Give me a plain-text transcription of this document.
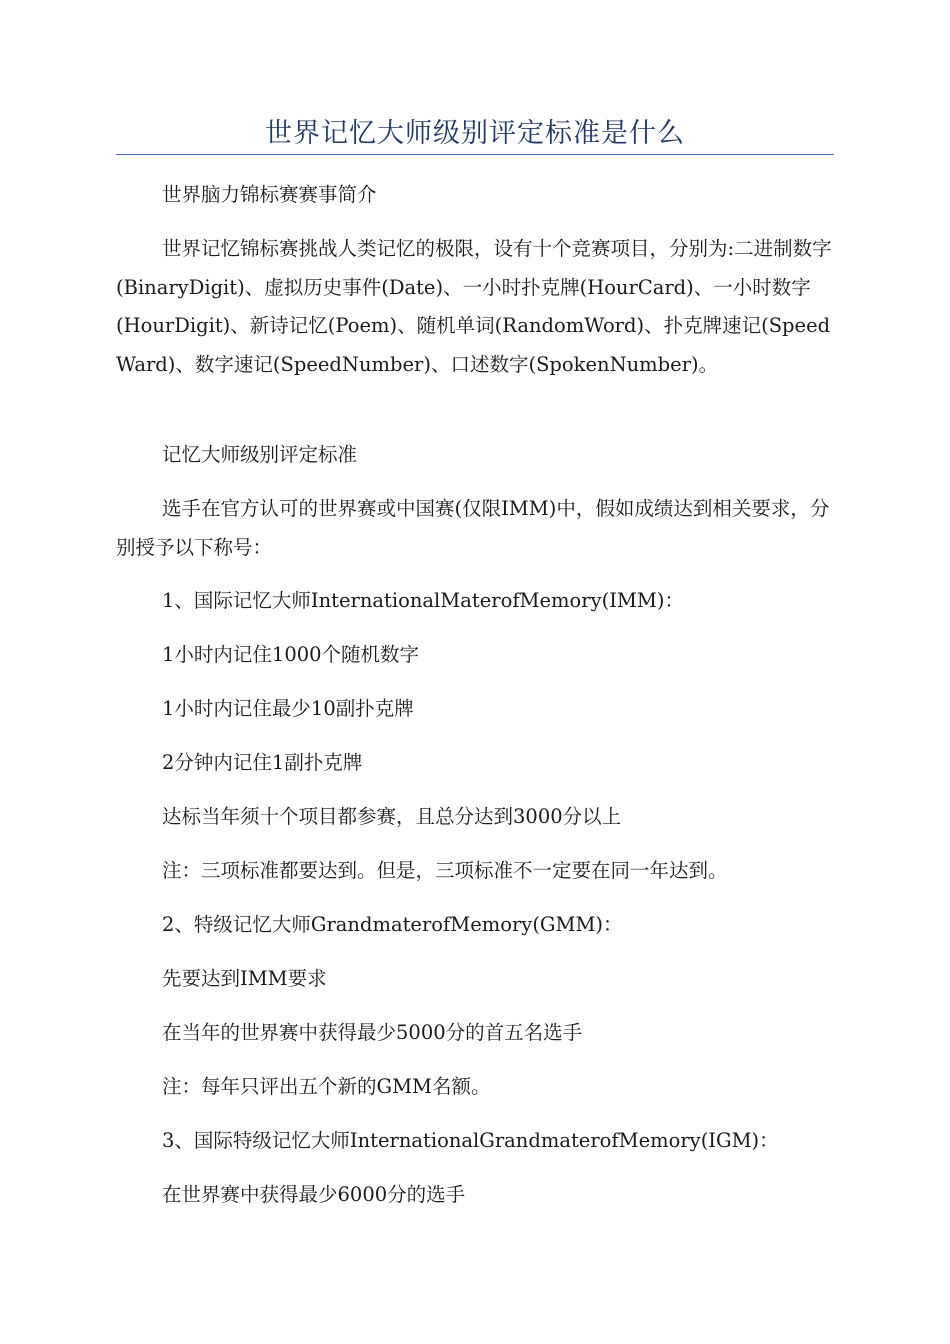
世界记忆大师级别评定标准是什么

世界脑力锦标赛赛事简介

世界记忆锦标赛挑战人类记忆的极限，设有十个竞赛项目，分别为:二进制数字(BinaryDigit)、虚拟历史事件(Date)、一小时扑克牌(HourCard)、一小时数字(HourDigit)、新诗记忆(Poem)、随机单词(RandomWord)、扑克牌速记(SpeedWard)、数字速记(SpeedNumber)、口述数字(SpokenNumber)。

记忆大师级别评定标准

选手在官方认可的世界赛或中国赛(仅限IMM)中，假如成绩达到相关要求，分别授予以下称号：

1、国际记忆大师InternationalMaterofMemory(IMM)：

1小时内记住1000个随机数字

1小时内记住最少10副扑克牌

2分钟内记住1副扑克牌

达标当年须十个项目都参赛，且总分达到3000分以上

注：三项标准都要达到。但是，三项标准不一定要在同一年达到。

2、特级记忆大师GrandmaterofMemory(GMM)：

先要达到IMM要求

在当年的世界赛中获得最少5000分的首五名选手

注：每年只评出五个新的GMM名额。

3、国际特级记忆大师InternationalGrandmaterofMemory(IGM)：

在世界赛中获得最少6000分的选手
